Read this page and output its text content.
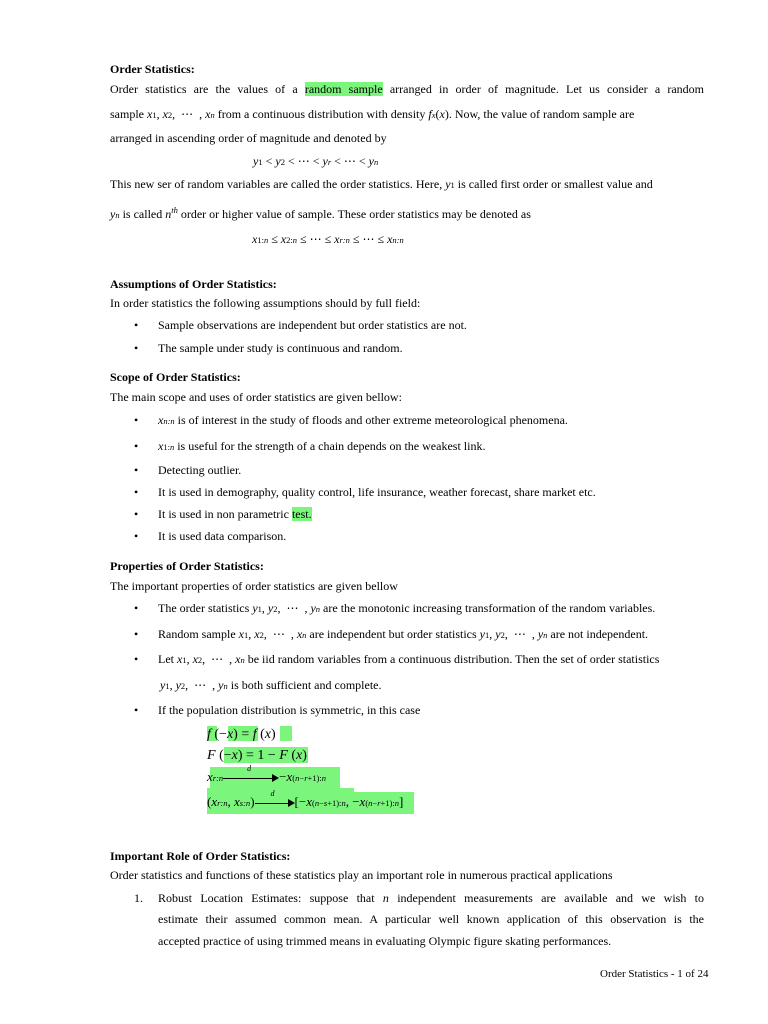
Order Statistics:
Order statistics are the values of a random sample arranged in order of magnitude. Let us consider a random
sample x1, x2,  ⋯  , xn from a continuous distribution with density fx(x). Now, the value of random sample are
arranged in ascending order of magnitude and denoted by
y1 < y2 < ⋯ < yr < ⋯ < yn
This new ser of random variables are called the order statistics. Here, y1 is called first order or smallest value and
yn is called $n^{th}$ order or higher value of sample. These order statistics may be denoted as
x1:n ≤ x2:n ≤ ⋯ ≤ xr:n ≤ ⋯ ≤ xn:n
Assumptions of Order Statistics:
In order statistics the following assumptions should by full field:
• Sample observations are independent but order statistics are not.
• The sample under study is continuous and random.
Scope of Order Statistics:
The main scope and uses of order statistics are given bellow:
• xn:n is of interest in the study of floods and other extreme meteorological phenomena.
• x1:n is useful for the strength of a chain depends on the weakest link.
• Detecting outlier.
• It is used in demography, quality control, life insurance, weather forecast, share market etc.
• It is used in non parametric test.
• It is used data comparison.
Properties of Order Statistics:
The important properties of order statistics are given bellow
• The order statistics y1, y2,  ⋯  , yn are the monotonic increasing transformation of the random variables.
• Random sample x1, x2,  ⋯  , xn are independent but order statistics y1, y2,  ⋯  , yn are not independent.
• Let x1, x2,  ⋯  , xn be iid random variables from a continuous distribution. Then the set of order statistics
y1, y2,  ⋯  , yn is both sufficient and complete.
• If the population distribution is symmetric, in this case
f (−x) = f (x)
F (−x) = 1 − F (x)
xr:n
d
−x(n−r+1):n
(xr:n, xs:n)
d
[−x(n−s+1):n, −x(n−r+1):n]
Important Role of Order Statistics:
Order statistics and functions of these statistics play an important role in numerous practical applications
1. Robust Location Estimates: suppose that n independent measurements are available and we wish to
estimate their assumed common mean. A particular well known application of this observation is the
accepted practice of using trimmed means in evaluating Olympic figure skating performances.
Order Statistics - 1 of 24
